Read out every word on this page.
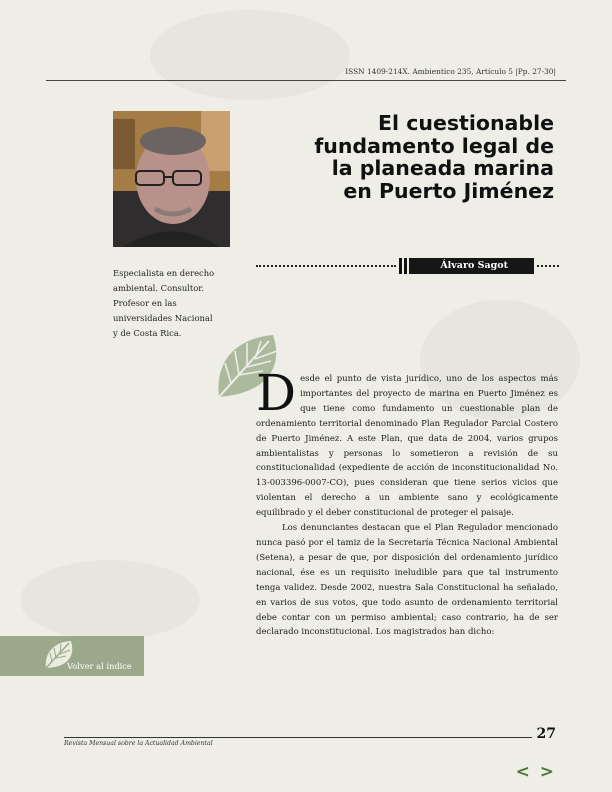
ISSN 1409-214X. Ambientico 235, Artículo 5 |Pp. 27-30|
El cuestionable
fundamento legal de
la planeada marina
en Puerto Jiménez
Álvaro Sagot
Especialista en derecho
ambiental. Consultor.
Profesor en las
universidades Nacional
y de Costa Rica.

Desde el punto de vista jurídico, uno de los aspectos más importantes del proyecto de marina en Puerto Jiménez es que tiene como fundamento un cuestionable plan de ordenamiento territorial denominado Plan Regulador Parcial Costero de Puerto Jiménez. A este Plan, que data de 2004, varios grupos ambientalistas y personas lo sometieron a revisión de su constitucionalidad (expediente de acción de inconstitucionalidad No. 13-003396-0007-CO), pues consideran que tiene serios vicios que violentan el derecho a un ambiente sano y ecológicamente equilibrado y el deber constitucional de proteger el paisaje.

Los denunciantes destacan que el Plan Regulador mencionado nunca pasó por el tamiz de la Secretaría Técnica Nacional Ambiental (Setena), a pesar de que, por disposición del ordenamiento jurídico nacional, ése es un requisito ineludible para que tal instrumento tenga validez. Desde 2002, nuestra Sala Constitucional ha señalado, en varios de sus votos, que todo asunto de ordenamiento territorial debe contar con un permiso ambiental; caso contrario, ha de ser declarado inconstitucional. Los magistrados han dicho:

Volver al índice
27
Revista Mensual sobre la Actualidad Ambiental
< >
